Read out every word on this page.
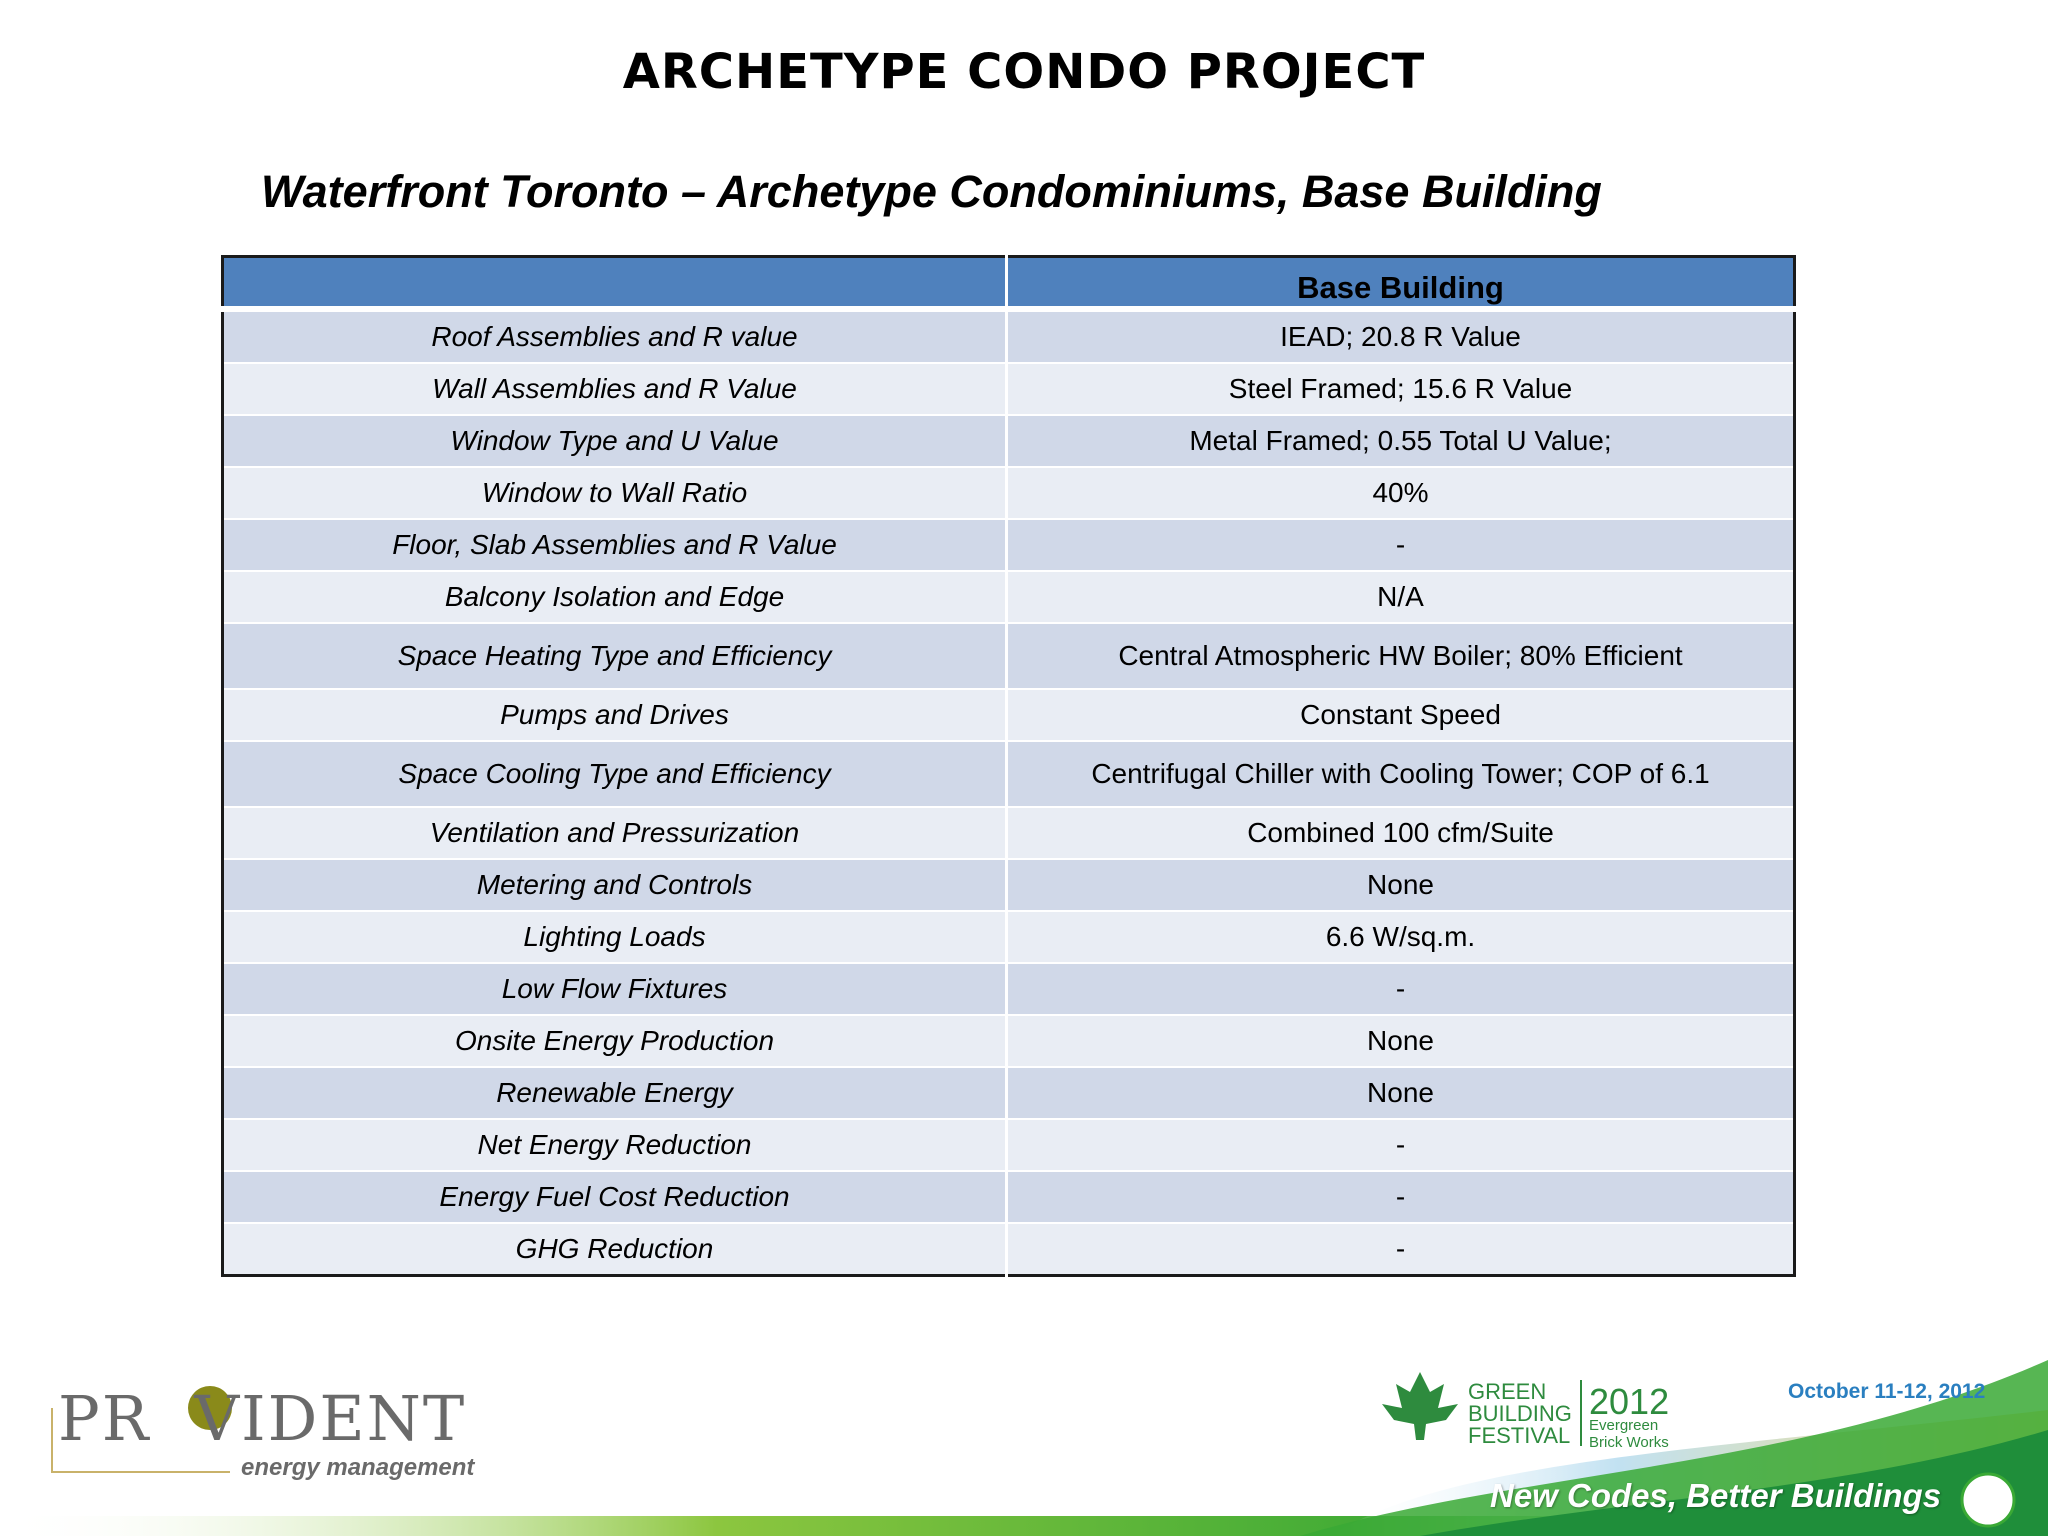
ARCHETYPE CONDO PROJECT
Waterfront Toronto – Archetype Condominiums, Base Building
	Base Building
Roof Assemblies and R value	IEAD; 20.8 R Value
Wall Assemblies and R Value	Steel Framed; 15.6 R Value
Window Type and U Value	Metal Framed; 0.55 Total U Value;
Window to Wall Ratio	40%
Floor, Slab Assemblies and R Value	-
Balcony Isolation and Edge	N/A
Space Heating Type and Efficiency	Central Atmospheric HW Boiler; 80% Efficient
Pumps and Drives	Constant Speed
Space Cooling Type and Efficiency	Centrifugal Chiller with Cooling Tower; COP of 6.1
Ventilation and Pressurization	Combined 100 cfm/Suite
Metering and Controls	None
Lighting Loads	6.6 W/sq.m.
Low Flow Fixtures	-
Onsite Energy Production	None
Renewable Energy	None
Net Energy Reduction	-
Energy Fuel Cost Reduction	-
GHG Reduction	-
PR VIDENT
energy management
GREEN
BUILDING
FESTIVAL
2012
Evergreen
Brick Works
October 11-12, 2012
New Codes, Better Buildings
